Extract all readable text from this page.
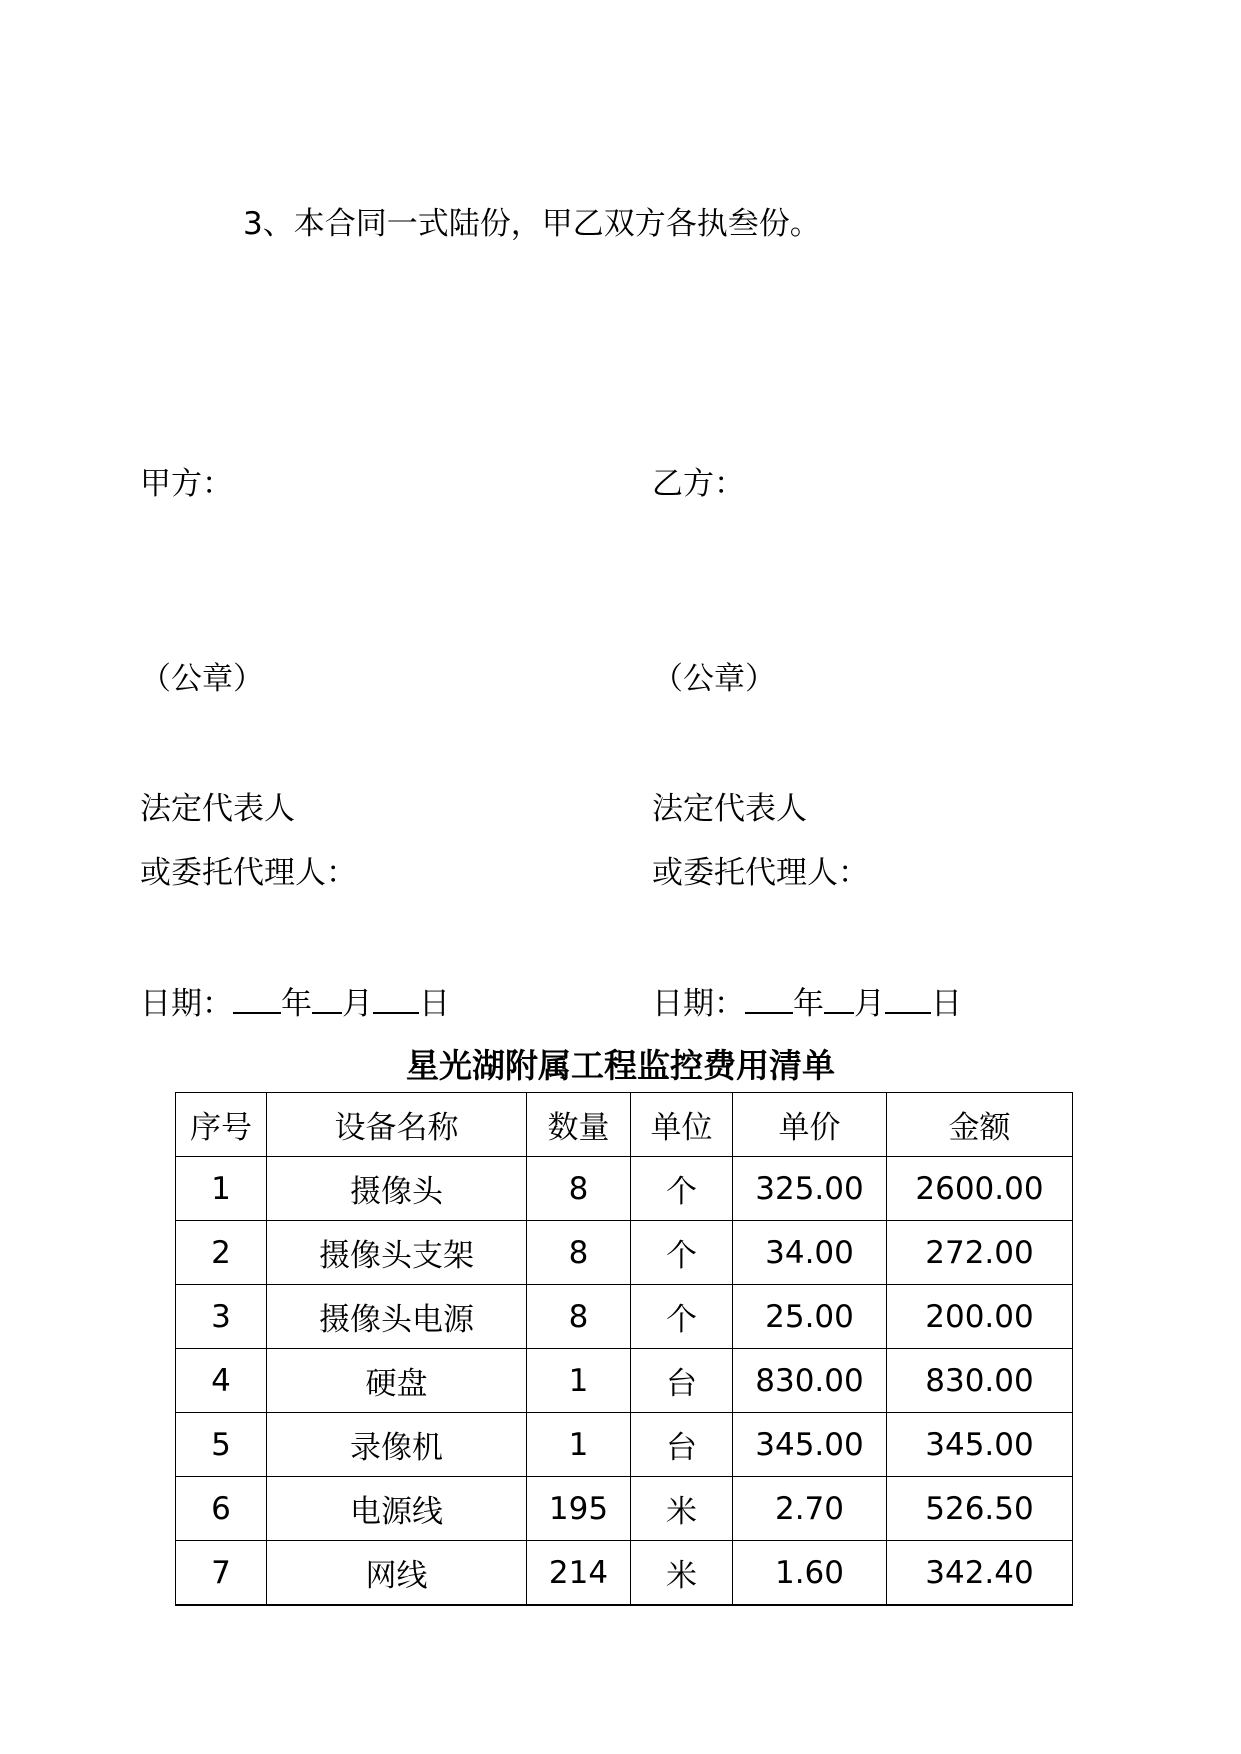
3、本合同一式陆份，甲乙双方各执叁份。
甲方：
（公章）
法定代表人
或委托代理人：
日期： 年 月 日
乙方：
（公章）
法定代表人
或委托代理人：
日期： 年 月 日
星光湖附属工程监控费用清单
序号	设备名称	数量	单位	单价	金额
1	摄像头	8	个	325.00	2600.00
2	摄像头支架	8	个	34.00	272.00
3	摄像头电源	8	个	25.00	200.00
4	硬盘	1	台	830.00	830.00
5	录像机	1	台	345.00	345.00
6	电源线	195	米	2.70	526.50
7	网线	214	米	1.60	342.40
